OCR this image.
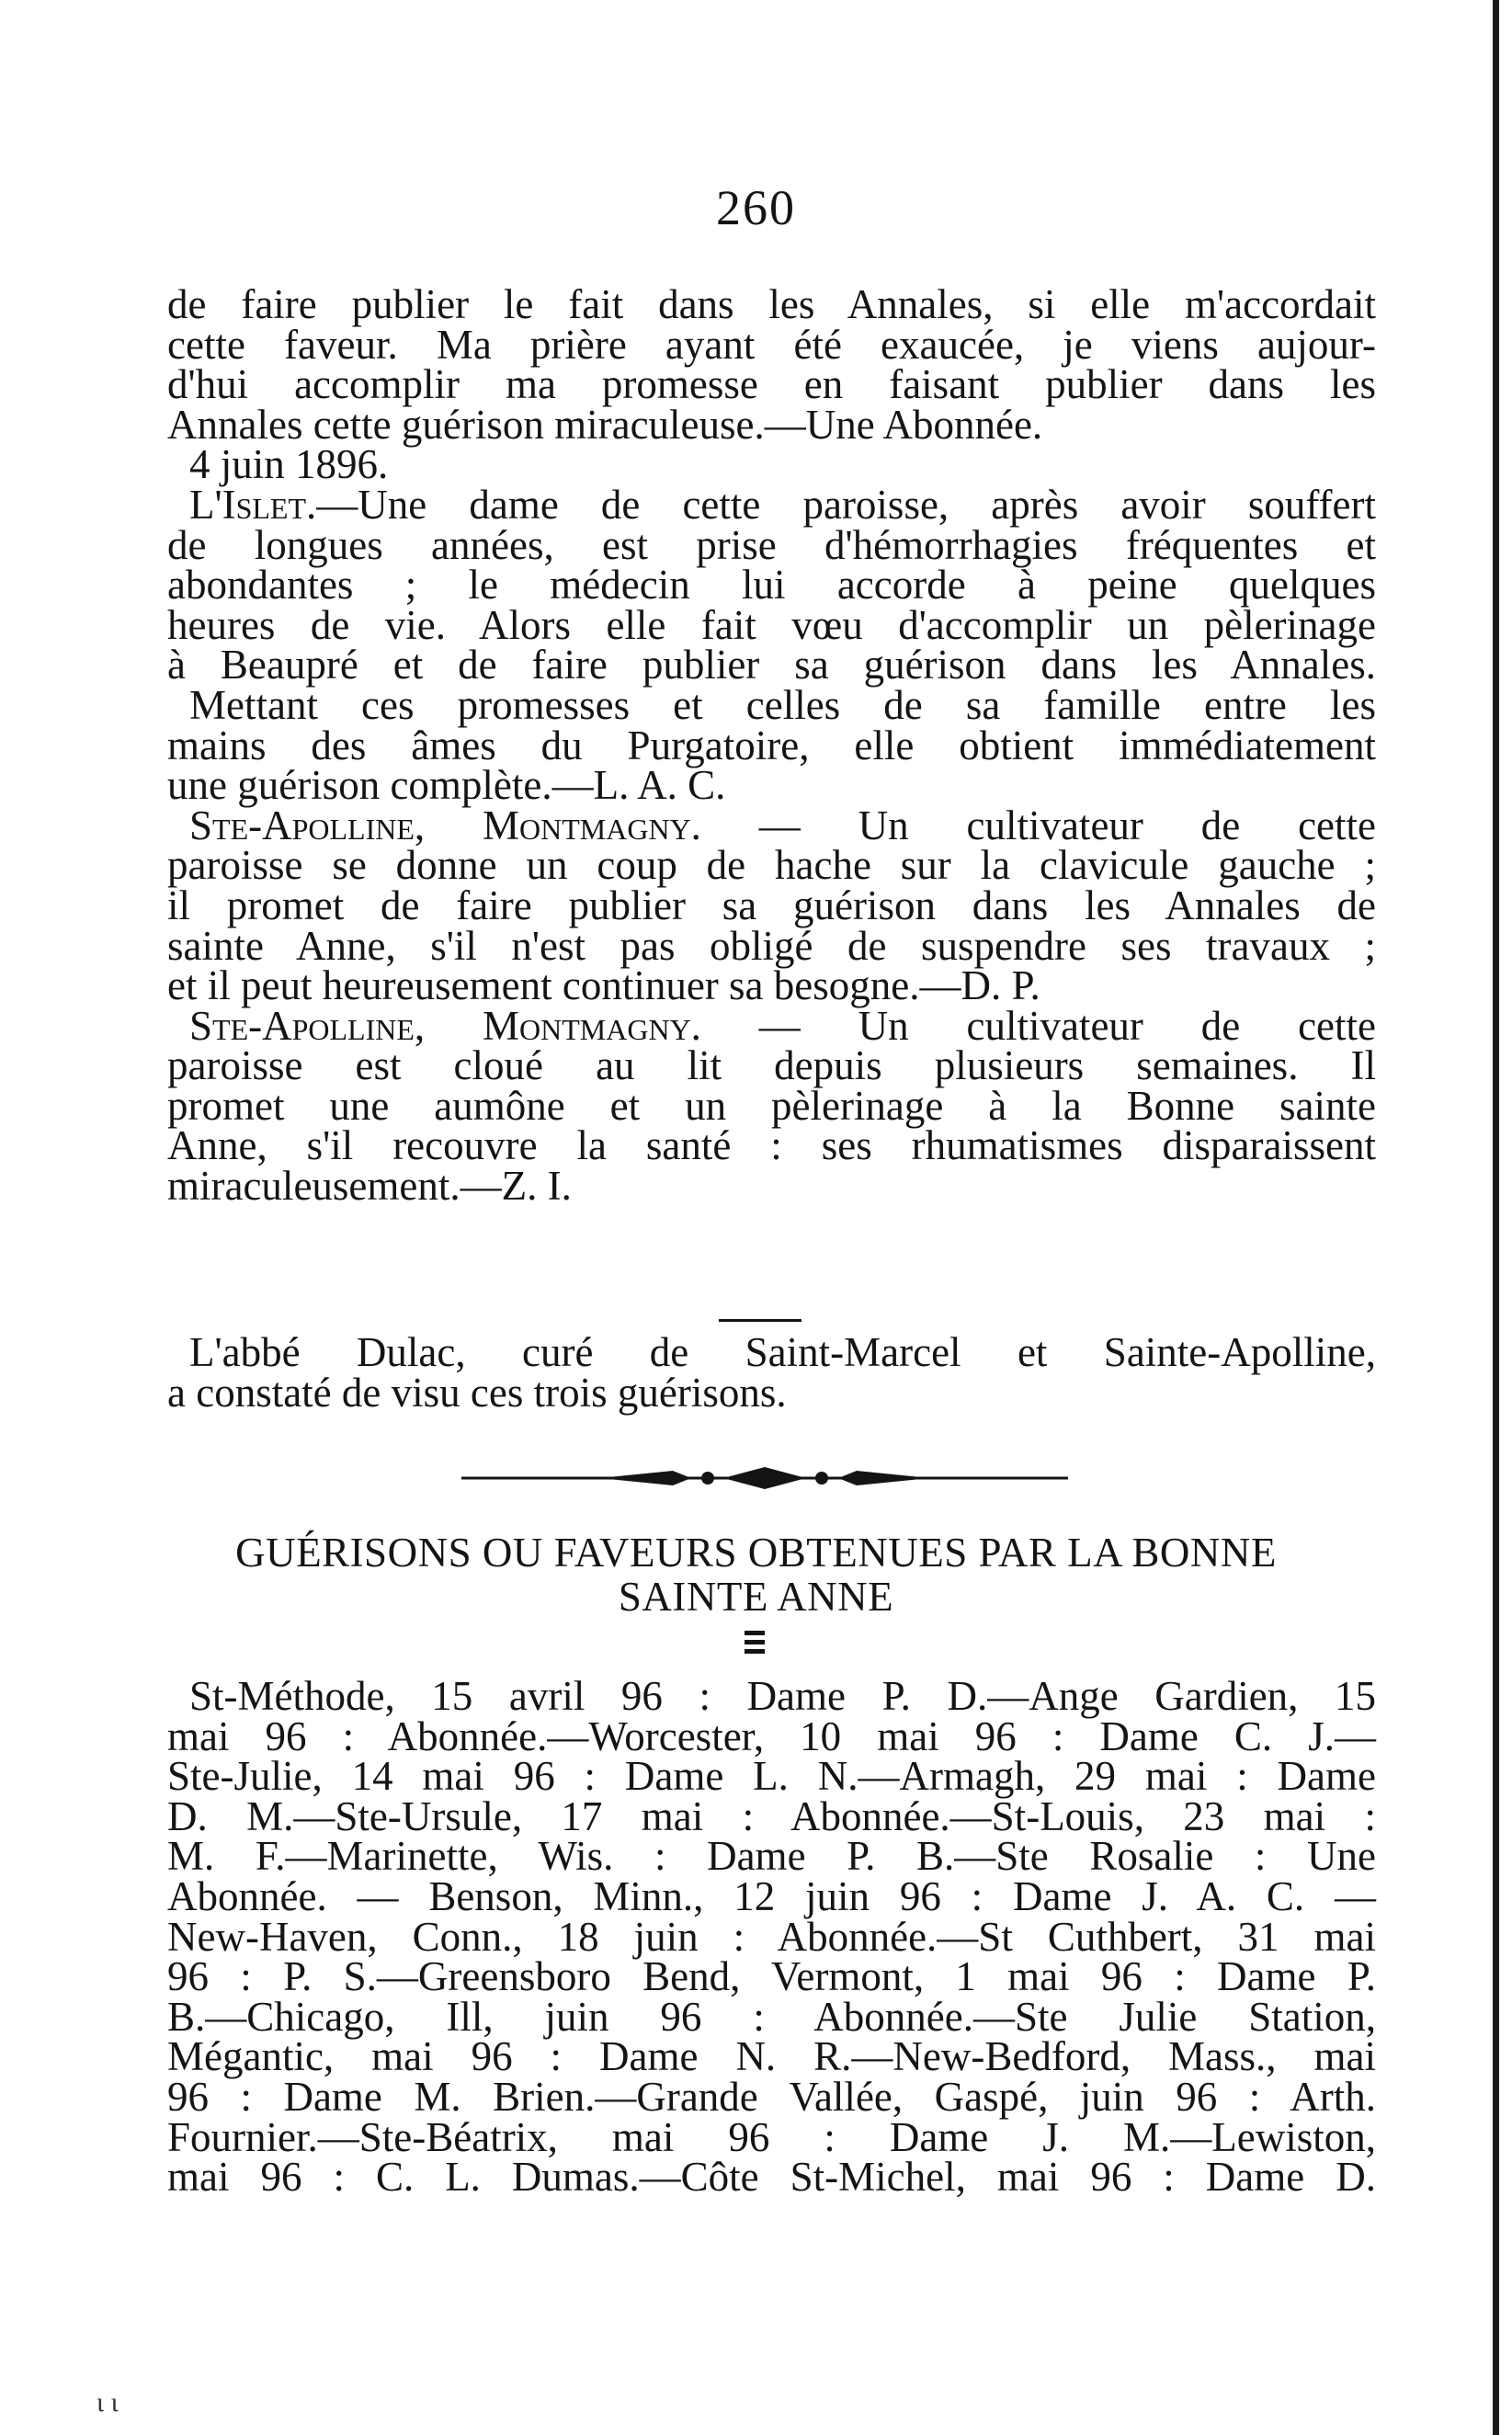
260

de faire publier le fait dans les Annales, si elle m'accordait
cette faveur. Ma prière ayant été exaucée, je viens aujour-
d'hui accomplir ma promesse en faisant publier dans les
Annales cette guérison miraculeuse.—Une Abonnée.
4 juin 1896.

L'Islet.—Une dame de cette paroisse, après avoir souffert
de longues années, est prise d'hémorrhagies fréquentes et
abondantes ; le médecin lui accorde à peine quelques
heures de vie. Alors elle fait vœu d'accomplir un pèlerinage
à Beaupré et de faire publier sa guérison dans les Annales.
Mettant ces promesses et celles de sa famille entre les
mains des âmes du Purgatoire, elle obtient immédiatement
une guérison complète.—L. A. C.

Ste-Apolline, Montmagny. — Un cultivateur de cette
paroisse se donne un coup de hache sur la clavicule gauche ;
il promet de faire publier sa guérison dans les Annales de
sainte Anne, s'il n'est pas obligé de suspendre ses travaux ;
et il peut heureusement continuer sa besogne.—D. P.

Ste-Apolline, Montmagny. — Un cultivateur de cette
paroisse est cloué au lit depuis plusieurs semaines. Il
promet une aumône et un pèlerinage à la Bonne sainte
Anne, s'il recouvre la santé : ses rhumatismes disparaissent
miraculeusement.—Z. I.

L'abbé Dulac, curé de Saint-Marcel et Sainte-Apolline,
a constaté de visu ces trois guérisons.

GUÉRISONS OU FAVEURS OBTENUES PAR LA BONNE
SAINTE ANNE

St-Méthode, 15 avril 96 : Dame P. D.—Ange Gardien, 15
mai 96 : Abonnée.—Worcester, 10 mai 96 : Dame C. J.—
Ste-Julie, 14 mai 96 : Dame L. N.—Armagh, 29 mai : Dame
D. M.—Ste-Ursule, 17 mai : Abonnée.—St-Louis, 23 mai :
M. F.—Marinette, Wis. : Dame P. B.—Ste Rosalie : Une
Abonnée. — Benson, Minn., 12 juin 96 : Dame J. A. C. —
New-Haven, Conn., 18 juin : Abonnée.—St Cuthbert, 31 mai
96 : P. S.—Greensboro Bend, Vermont, 1 mai 96 : Dame P.
B.—Chicago, Ill, juin 96 : Abonnée.—Ste Julie Station,
Mégantic, mai 96 : Dame N. R.—New-Bedford, Mass., mai
96 : Dame M. Brien.—Grande Vallée, Gaspé, juin 96 : Arth.
Fournier.—Ste-Béatrix, mai 96 : Dame J. M.—Lewiston,
mai 96 : C. L. Dumas.—Côte St-Michel, mai 96 : Dame D.

ι ι
